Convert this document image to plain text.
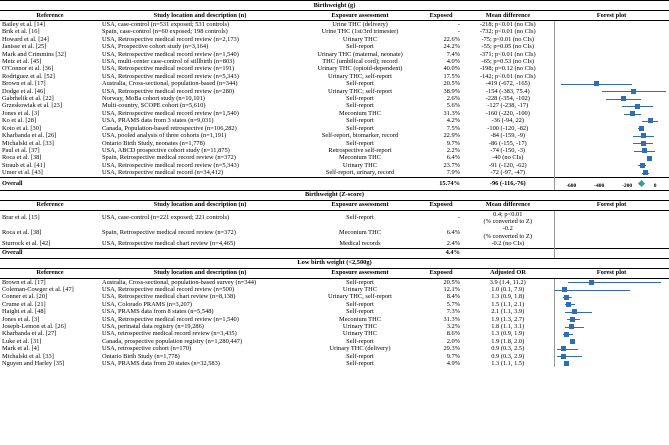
Birthweight (g)					
Reference	Study location and description (n)	Exposure assessment	Exposed	Mean difference	Forest plot
Bailey et al. [14]	USA, case-control (n=531 exposed; 531 controls)	Urine THC (delivery)	-	-218; p<0.01 (no CIs)	

Brik et al. [16]	Spain, case-control (n=60 exposed; 198 controls)	Urine THC (1st/3rd trimester)	-	-732; p<0.01 (no CIs)	

Howard et al. [24]	USA, Retrospective medical record review (n=2,173)	Urinary THC	22.6%	-75; p<0.01 (no CIs)	

Janisse et al. [25]	USA, Prospective cohort study (n=3,164)	Self-report	24.2%	-55; p=0.05 (no CIs)	

Mark and Crimmins [32]	USA, Retrospective medical record review (n=1,540)	Urinary THC (maternal, neonate)	7.4%	-371; p<0.01 (no CIs)	

Metz et al. [45]	USA, multi-center case-control of stillbirth (n=803)	THC (umbilical cord); record	4.0%	-65; p=0.53 (no CIs)	

O'Connor et al. [36]	USA, Retrospective medical record review (n=191)	Urinary THC (opioid-dependent)	40.0%	-198; p=0.12 (no CIs)	

Rodriguez et al. [52]	USA, Retrospective medical record review (n=5,343)	Urinary THC, self-report	17.5%	-142; p<0.01 (no CIs)	

Brown et al. [17]	Australia, Cross-sectional, population-based (n=344)	Self-report	20.5%	-419 (-672, -165)	

Dodge et al. [46]	USA, Retrospective medical record review (n=280)	Urinary THC; self-report	38.9%	-154 (-383, 75.4)	

Gabrhelik et al. [22]	Norway, MoBa cohort study (n=10,101)	Self-report	2.6%	-228 (-354, -102)	

Grzeskowiak et al. [23]	Multi-country, SCOPE cohort (n=5,610)	Self-report	5.6%	-127 (-238, -17)	

Jones et al. [3]	USA, Retrospective medical record review (n=1,540)	Meconium THC	31.3%	-160 (-220, -100)	

Ko et al. [28]	USA, PRAMS data from 3 states (n=9,031)	Self-report	4.2%	-36 (-94, 22)	

Koto et al. [30]	Canada, Population-based retrospective (n=106,282)	Self-report	7.5%	-100 (-120, -82)	

Kharbanda et al. [26]	USA, pooled analysis of three cohorts (n=1,191)	Self-report, biomarker, record	22.9%	-84 (-159, -9)	

Michalski et al. [33]	Ontario Birth Study, neonates (n=1,778)	Self-report	9.7%	-86 (-155, -17)	

Paul et al. [37]	USA, ABCD prospective cohort study (n=11,875)	Retrospective self-report	2.2%	-74 (-150, -3)	

Roca et al. [38]	Spain, Retrospective medical record review (n=372)	Meconium THC	6.4%	-40 (no CIs)	

Straub et al. [41]	USA, Retrospective medical record review (n=5,343)	Urinary THC	23.7%	-91 (-120, -62)	

Umer et al. [43]	USA, Retrospective medical record (n=34,412)	Self-report, urinary, record	7.9%	-72 (-97, -47)	

Overall			15.74%	-96 (-116,-76)	-600 -400 -200 0

Birthweight (Z-score)					
Reference	Study location and description (n)	Exposure assessment	Exposed	Mean difference	Forest plot
Brar et al. [15]	USA, case-control (n=221 exposed; 221 controls)	Self-report	-	0.4; p<0.01
(% converted to Z)	

Roca et al. [38]	Spain, Retrospective medical record review (n=372)	Meconium THC	6.4%	-0.2
(% converted to Z)	

Sturrock et al. [42]	USA, Retrospective medical chart review (n=4,465)	Medical records	2.4%	-0.2 (no CIs)	

Overall			4.4%		
Low birth weight (<2,500g)					
Reference	Study location and description (n)	Exposure assessment	Exposed	Adjusted OR	Forest plot
Brown et al. [17]	Australia, Cross-sectional, population-based survey (n=344)	Self-report	20.5%	3.9 (1.4, 11.2)	

Coleman-Cowger et al. [47]	USA, Retrospective medical record review (n=500)	Urinary THC	12.1%	1.0 (0.1, 7.9)	

Conner et al. [20]	USA, Retrospective medical chart review (n=8,138)	Urinary THC, self-report	8.4%	1.3 (0.9, 1.8)	

Crume et al. [21]	USA, Colorado PRAMS (n=3,207)	Self-report	5.7%	1.5 (1.1, 2.1)	

Haight et al. [48]	USA, PRAMS data from 8 states (n=5,548)	Self-report	7.3%	2.1 (1.1, 3.9)	

Jones et al. [3]	USA, Retrospective medical record review (n=1,540)	Meconium THC	31.3%	1.9 (1.3, 2.7)	

Joseph-Lemon et al. [26]	USA, perinatal data registry (n=19,286)	Urinary THC	3.2%	1.8 (1.1, 3.1)	

Kharbanda et al. [27]	USA, retrospective medical record review (n=3,435)	Urinary THC	8.6%	1.3 (0.9, 1.9)	

Luke et al. [31]	Canada, prospective population registry (n=1,280,447)	Self-report	2.0%	1.9 (1.8, 2.0)	

Mark et al. [4]	USA, retrospective cohort (n=170)	Urinary THC (delivery)	29.3%	0.9 (0.3, 2.5)	

Michalski et al. [33]	Ontario Birth Study (n=1,778)	Self-report	9.7%	0.9 (0.3, 2.9)	

Nguyen and Harley [35]	USA, PRAMS data from 20 states (n=32,583)	Self-report	4.9%	1.3 (1.1, 1.5)	
